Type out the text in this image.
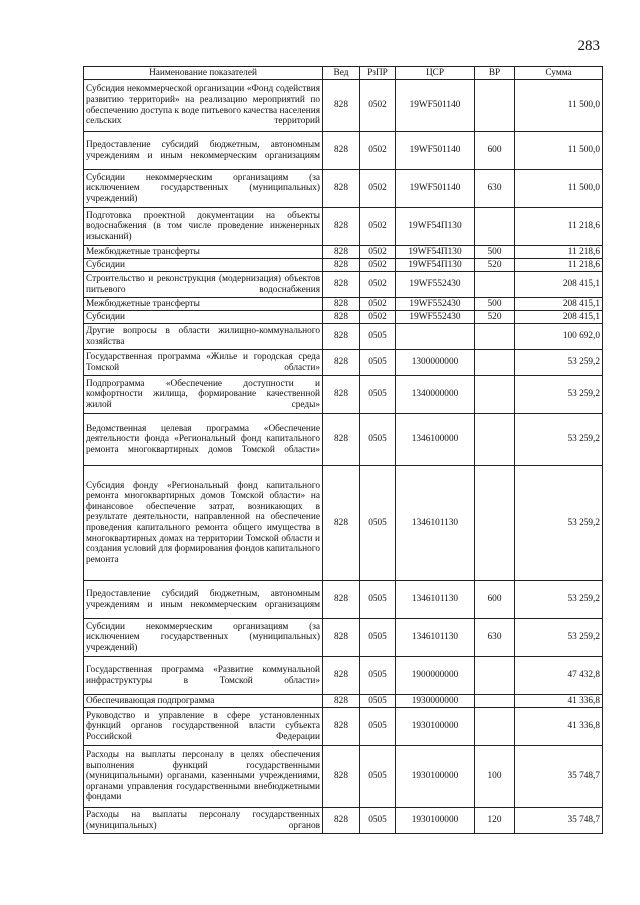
283
Наименование показателей	Вед	РзПР	ЦСР	ВР	Сумма
Субсидия некоммерческой организации «Фонд содействия развитию территорий» на реализацию мероприятий по обеспечению доступа к воде питьевого качества населения сельских территорий	828	0502	19WF501140		11 500,0
Предоставление субсидий бюджетным, автономным учреждениям и иным некоммерческим организациям	828	0502	19WF501140	600	11 500,0
Субсидии некоммерческим организациям (за исключением государственных (муниципальных) учреждений)	828	0502	19WF501140	630	11 500,0
Подготовка проектной документации на объекты водоснабжения (в том числе проведение инженерных изысканий)	828	0502	19WF54П130		11 218,6
Межбюджетные трансферты	828	0502	19WF54П130	500	11 218,6
Субсидии	828	0502	19WF54П130	520	11 218,6
Строительство и реконструкция (модернизация) объектов питьевого водоснабжения	828	0502	19WF552430		208 415,1
Межбюджетные трансферты	828	0502	19WF552430	500	208 415,1
Субсидии	828	0502	19WF552430	520	208 415,1
Другие вопросы в области жилищно-коммунального хозяйства	828	0505			100 692,0
Государственная программа «Жилье и городская среда Томской области»	828	0505	1300000000		53 259,2
Подпрограмма «Обеспечение доступности и комфортности жилища, формирование качественной жилой среды»	828	0505	1340000000		53 259,2
Ведомственная целевая программа «Обеспечение деятельности фонда «Региональный фонд капитального ремонта многоквартирных домов Томской области»	828	0505	1346100000		53 259,2
Субсидия фонду «Региональный фонд капитального ремонта многоквартирных домов Томской области» на финансовое обеспечение затрат, возникающих в результате деятельности, направленной на обеспечение проведения капитального ремонта общего имущества в многоквартирных домах на территории Томской области и создания условий для формирования фондов капитального ремонта	828	0505	1346101130		53 259,2
Предоставление субсидий бюджетным, автономным учреждениям и иным некоммерческим организациям	828	0505	1346101130	600	53 259,2
Субсидии некоммерческим организациям (за исключением государственных (муниципальных) учреждений)	828	0505	1346101130	630	53 259,2
Государственная программа «Развитие коммунальной инфраструктуры в Томской области»	828	0505	1900000000		47 432,8
Обеспечивающая подпрограмма	828	0505	1930000000		41 336,8
Руководство и управление в сфере установленных функций органов государственной власти субъекта Российской Федерации	828	0505	1930100000		41 336,8
Расходы на выплаты персоналу в целях обеспечения выполнения функций государственными (муниципальными) органами, казенными учреждениями, органами управления государственными внебюджетными фондами	828	0505	1930100000	100	35 748,7
Расходы на выплаты персоналу государственных (муниципальных) органов	828	0505	1930100000	120	35 748,7
